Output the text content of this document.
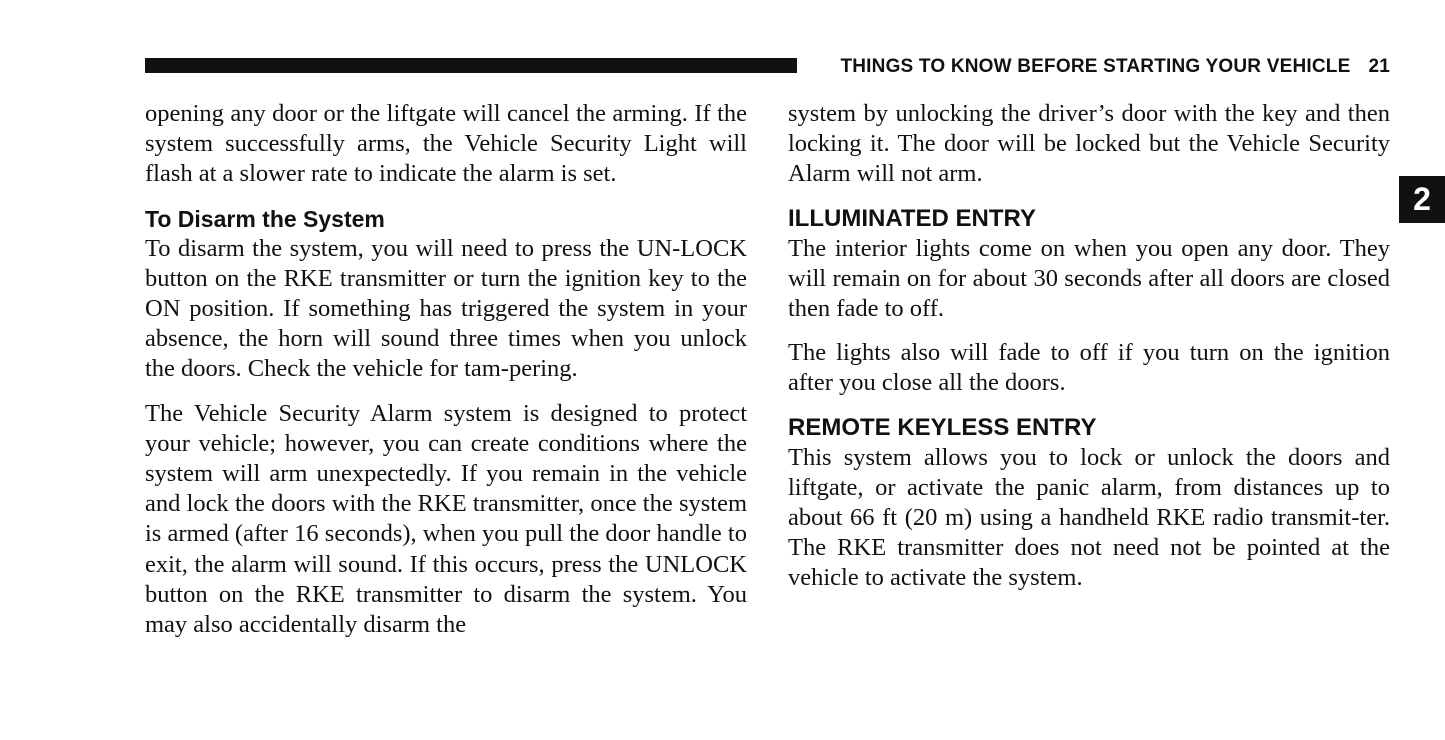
THINGS TO KNOW BEFORE STARTING YOUR VEHICLE 21
2

opening any door or the liftgate will cancel the arming. If the system successfully arms, the Vehicle Security Light will flash at a slower rate to indicate the alarm is set.

To Disarm the System

To disarm the system, you will need to press the UN-LOCK button on the RKE transmitter or turn the ignition key to the ON position. If something has triggered the system in your absence, the horn will sound three times when you unlock the doors. Check the vehicle for tam-pering.

The Vehicle Security Alarm system is designed to protect your vehicle; however, you can create conditions where the system will arm unexpectedly. If you remain in the vehicle and lock the doors with the RKE transmitter, once the system is armed (after 16 seconds), when you pull the door handle to exit, the alarm will sound. If this occurs, press the UNLOCK button on the RKE transmitter to disarm the system. You may also accidentally disarm the

system by unlocking the driver’s door with the key and then locking it. The door will be locked but the Vehicle Security Alarm will not arm.

ILLUMINATED ENTRY

The interior lights come on when you open any door. They will remain on for about 30 seconds after all doors are closed then fade to off.

The lights also will fade to off if you turn on the ignition after you close all the doors.

REMOTE KEYLESS ENTRY

This system allows you to lock or unlock the doors and liftgate, or activate the panic alarm, from distances up to about 66 ft (20 m) using a handheld RKE radio transmit-ter. The RKE transmitter does not need not be pointed at the vehicle to activate the system.
